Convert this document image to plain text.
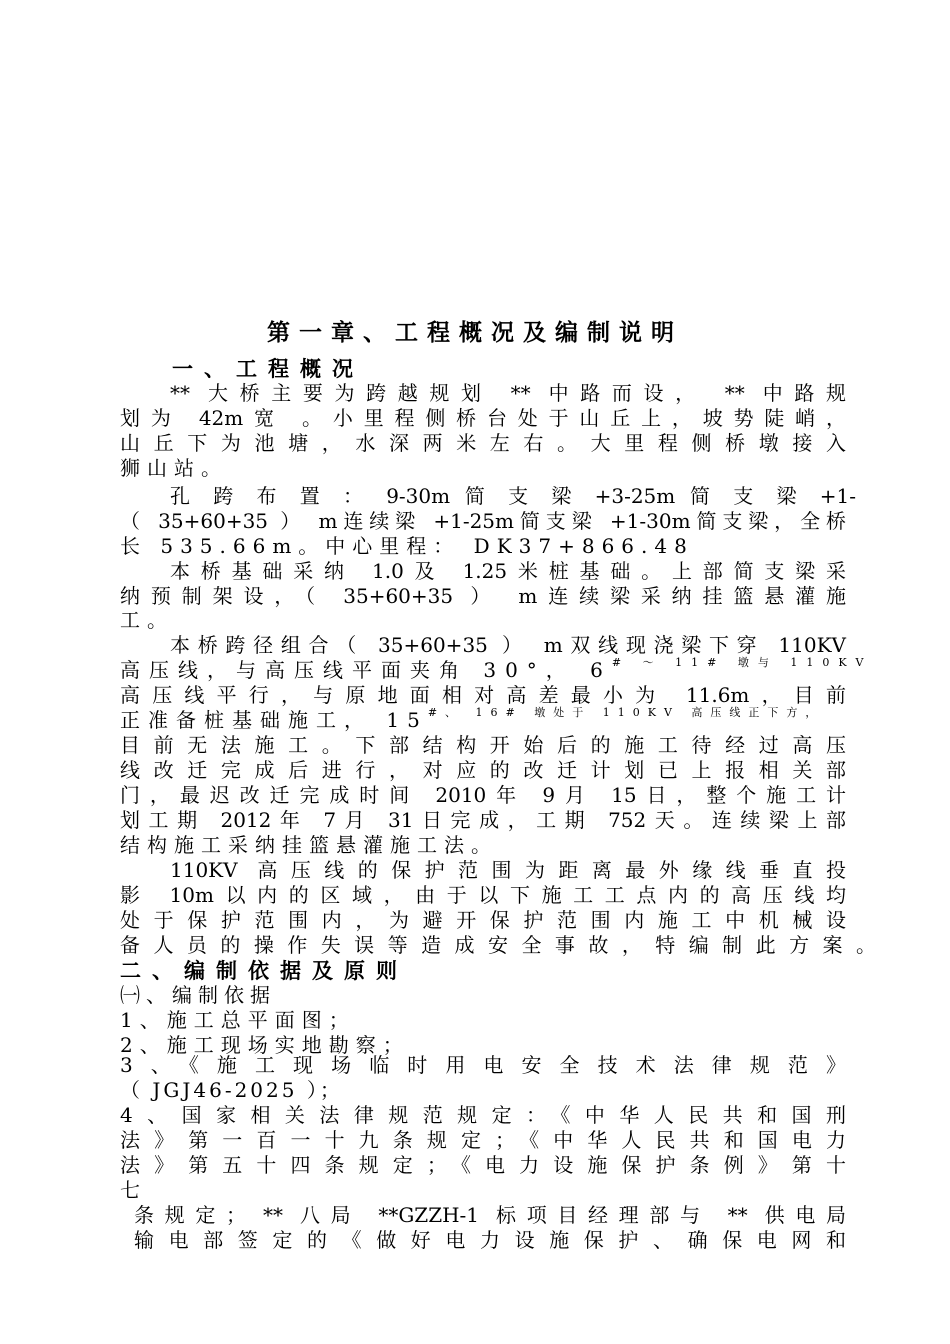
第一章、工程概况及编制说明
一、工程概况
** 大桥主要为跨越规划 ** 中路而设， ** 中路规
划为 42m宽 。小里程侧桥台处于山丘上，坡势陡峭，
山丘下为池塘，水深两米左右。大里程侧桥墩接入
狮山站。
孔 跨 布 置 ： 9-30m 简 支 梁 +3-25m 简 支 梁 +1-
（ 35+60+35 ） m连续梁 +1-25m简支梁 +1-30m简支梁，全桥
长 535.66m。中心里程： DK37+866.48
本桥基础采纳 1.0及 1.25米桩基础。上部简支梁采
纳预制架设，（ 35+60+35 ） m连续梁采纳挂篮悬灌施
工。
本桥跨径组合（ 35+60+35 ） m双线现浇梁下穿 110KV
高压线，与高压线平面夹角 30°， $6^{\# \sim 11\# 墩与 110KV}$
高压线平行，与原地面相对高差最小为 11.6m，目前
正准备桩基础施工， $15^{\#、 16\# 墩处于 110KV 高压线正下方,}$
目前无法施工。下部结构开始后的施工待经过高压
线改迁完成后进行，对应的改迁计划已上报相关部
门，最迟改迁完成时间 2010年 9月 15日，整个施工计
划工期 2012年 7月 31日完成，工期 752天。连续梁上部
结构施工采纳挂篮悬灌施工法。
110KV 高压线的保护范围为距离最外缘线垂直投
影 10m以内的区域，由于以下施工工点内的高压线均
处于保护范围内，为避开保护范围内施工中机械设
备人员的操作失误等造成安全事故，特编制此方案。
二、编制依据及原则
㈠、编制依据
1、施工总平面图；
2、施工现场实地勘察；
3、《施工现场临时用电安全技术法律规范》
（ JGJ46-2025 ）；
4、国家相关法律规范规定：《中华人民共和国刑
法》第一百一十九条规定；《中华人民共和国电力
法》第五十四条规定；《电力设施保护条例》第十
七
条规定； ** 八局 **GZZH-1 标项目经理部与 ** 供电局
输电部签定的《做好电力设施保护、确保电网和
